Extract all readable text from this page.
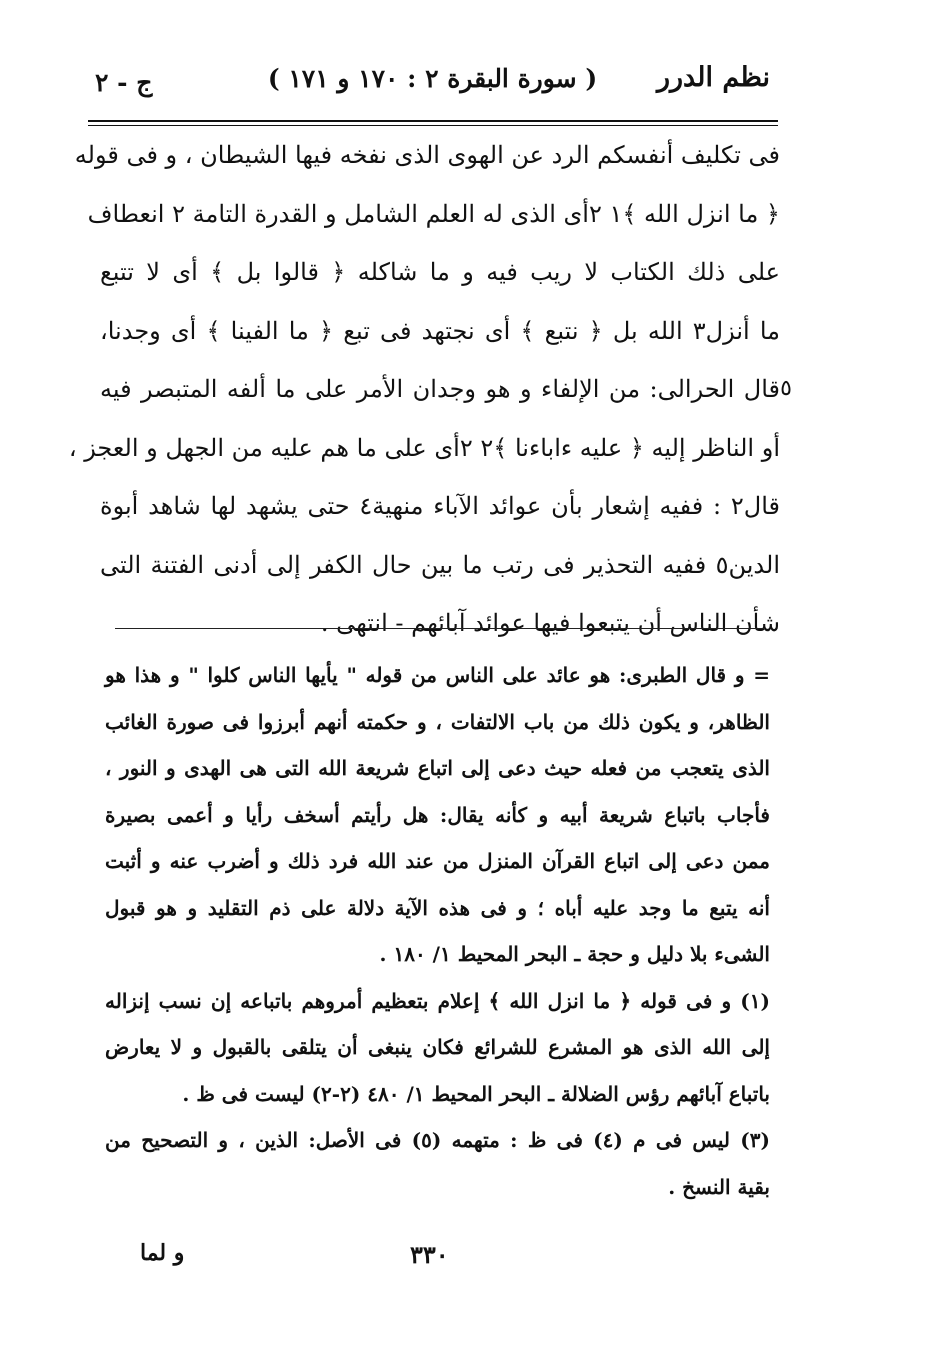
نظم الدرر
( سورة البقرة ٢ : ١٧٠ و ١٧١ )
ج - ٢
فى تكليف أنفسكم الرد عن الهوى الذى نفخه فيها الشيطان ، و فى قوله
﴿ ما انزل الله ﴾١ ٢أى الذى له العلم الشامل و القدرة التامة ٢ انعطاف
على ذلك الكتاب لا ريب فيه و ما شاكله ﴿ قالوا بل ﴾ أى لا تتبع
ما أنزل٣ الله بل ﴿ نتبع ﴾ أى نجتهد فى تبع ﴿ ما الفينا ﴾ أى وجدنا،
قال الحرالى: من الإلفاء و هو وجدان الأمر على ما ألفه المتبصر فيه
أو الناظر إليه ﴿ عليه ءاباءنا ﴾٢ ٢أى على ما هم عليه من الجهل و العجز ،
قال٢ : ففيه إشعار بأن عوائد الآباء منهية٤ حتى يشهد لها شاهد أبوة
الدين٥ ففيه التحذير فى رتب ما بين حال الكفر إلى أدنى الفتنة التى
شأن الناس أن يتبعوا فيها عوائد آبائهم - انتهى .
٥
= و قال الطبرى: هو عائد على الناس من قوله " يأيها الناس كلوا " و هذا هو
الظاهر، و يكون ذلك من باب الالتفات ، و حكمته أنهم أبرزوا فى صورة الغائب
الذى يتعجب من فعله حيث دعى إلى اتباع شريعة الله التى هى الهدى و النور ،
فأجاب باتباع شريعة أبيه و كأنه يقال: هل رأيتم أسخف رأيا و أعمى بصيرة
ممن دعى إلى اتباع القرآن المنزل من عند الله فرد ذلك و أضرب عنه و أثبت
أنه يتبع ما وجد عليه أباه ؛ و فى هذه الآية دلالة على ذم التقليد و هو قبول
الشىء بلا دليل و حجة ـ البحر المحيط ١/ ١٨٠ .
(١) و فى قوله ﴿ ما انزل الله ﴾ إعلام بتعظيم أمروهم باتباعه إن نسب إنزاله
إلى الله الذى هو المشرع للشرائع فكان ينبغى أن يتلقى بالقبول و لا يعارض
باتباع آبائهم رؤس الضلالة ـ البحر المحيط ١/ ٤٨٠ (٢-٢) ليست فى ظ .
(٣) ليس فى م (٤) فى ظ : متهمه (٥) فى الأصل: الذين ، و التصحيح من
بقية النسخ .
و لما	٣٣٠
